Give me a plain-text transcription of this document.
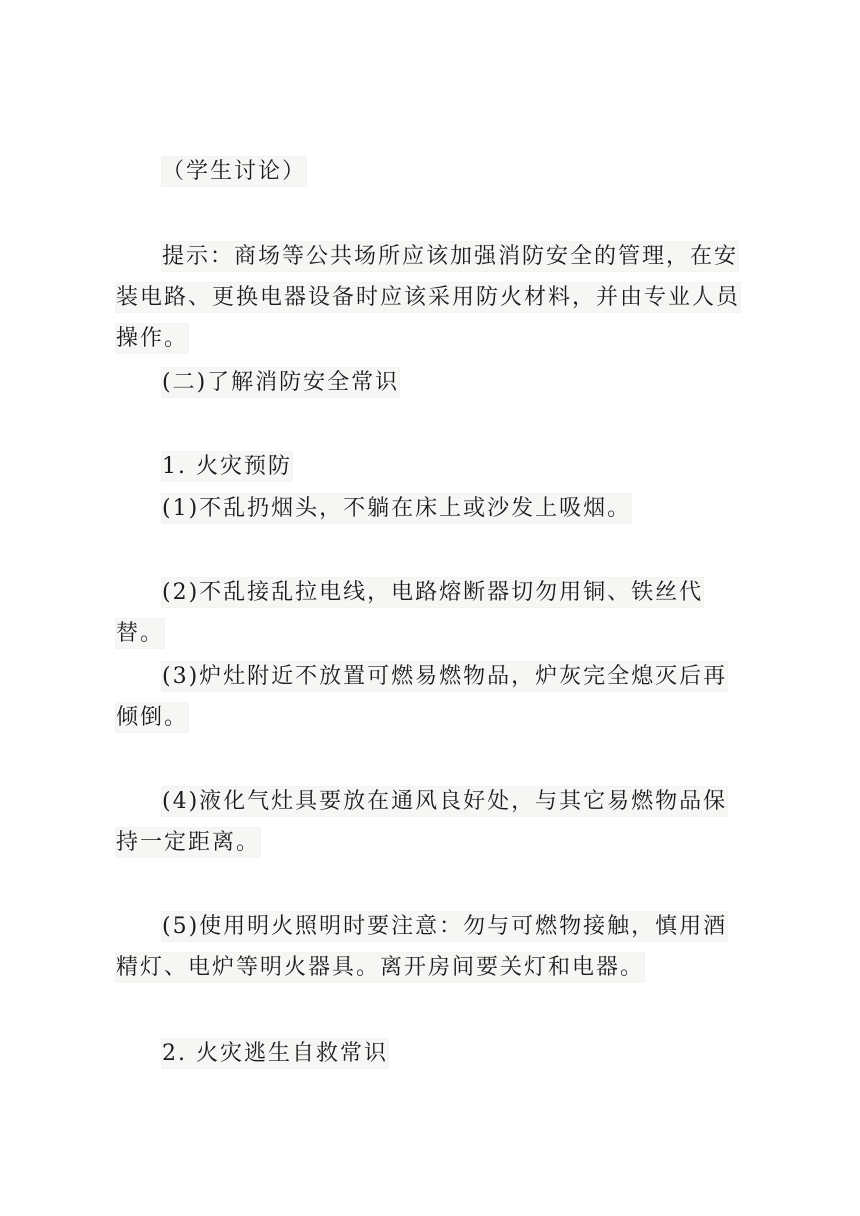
（学生讨论）

提示：商场等公共场所应该加强消防安全的管理，在安装电路、更换电器设备时应该采用防火材料，并由专业人员操作。

(二)了解消防安全常识

1. 火灾预防

(1)不乱扔烟头，不躺在床上或沙发上吸烟。

(2)不乱接乱拉电线，电路熔断器切勿用铜、铁丝代替。

(3)炉灶附近不放置可燃易燃物品，炉灰完全熄灭后再倾倒。

(4)液化气灶具要放在通风良好处，与其它易燃物品保持一定距离。

(5)使用明火照明时要注意：勿与可燃物接触，慎用酒精灯、电炉等明火器具。离开房间要关灯和电器。

2. 火灾逃生自救常识
